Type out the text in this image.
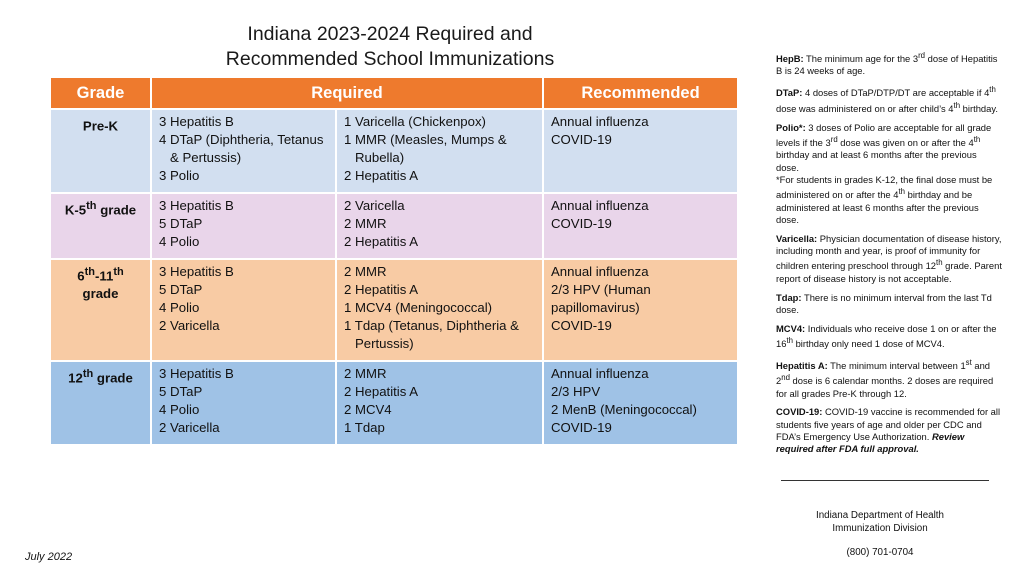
Indiana 2023-2024 Required and
Recommended School Immunizations
Grade	Required		Recommended
Pre-K	3 Hepatitis B
4 DTaP (Diphtheria, Tetanus
& Pertussis)
3 Polio	1 Varicella (Chickenpox)
1 MMR (Measles, Mumps &
Rubella)
2 Hepatitis A	Annual influenza
COVID-19

K-5th grade	3 Hepatitis B
5 DTaP
4 Polio	2 Varicella
2 MMR
2 Hepatitis A	Annual influenza
COVID-19

6th-11th grade	3 Hepatitis B
5 DTaP
4 Polio
2 Varicella	2 MMR
2 Hepatitis A
1 MCV4 (Meningococcal)
1 Tdap (Tetanus, Diphtheria &
Pertussis)	Annual influenza
2/3 HPV (Human
papillomavirus)
COVID-19

12th grade	3 Hepatitis B
5 DTaP
4 Polio
2 Varicella	2 MMR
2 Hepatitis A
2 MCV4
1 Tdap	Annual influenza
2/3 HPV
2 MenB (Meningococcal)
COVID-19

HepB: The minimum age for the 3rd dose of Hepatitis B is 24 weeks of age.

DTaP: 4 doses of DTaP/DTP/DT are acceptable if 4th dose was administered on or after child’s 4th birthday.

Polio*: 3 doses of Polio are acceptable for all grade levels if the 3rd dose was given on or after the 4th birthday and at least 6 months after the previous dose.
*For students in grades K-12, the final dose must be administered on or after the 4th birthday and be administered at least 6 months after the previous dose.

Varicella: Physician documentation of disease history, including month and year, is proof of immunity for children entering preschool through 12th grade. Parent report of disease history is not acceptable.

Tdap: There is no minimum interval from the last Td dose.

MCV4: Individuals who receive dose 1 on or after the 16th birthday only need 1 dose of MCV4.

Hepatitis A: The minimum interval between 1st and 2nd dose is 6 calendar months. 2 doses are required for all grades Pre-K through 12.

COVID-19: COVID-19 vaccine is recommended for all students five years of age and older per CDC and FDA’s Emergency Use Authorization. Review required after FDA full approval.

Indiana Department of Health
Immunization Division
(800) 701-0704
July 2022
